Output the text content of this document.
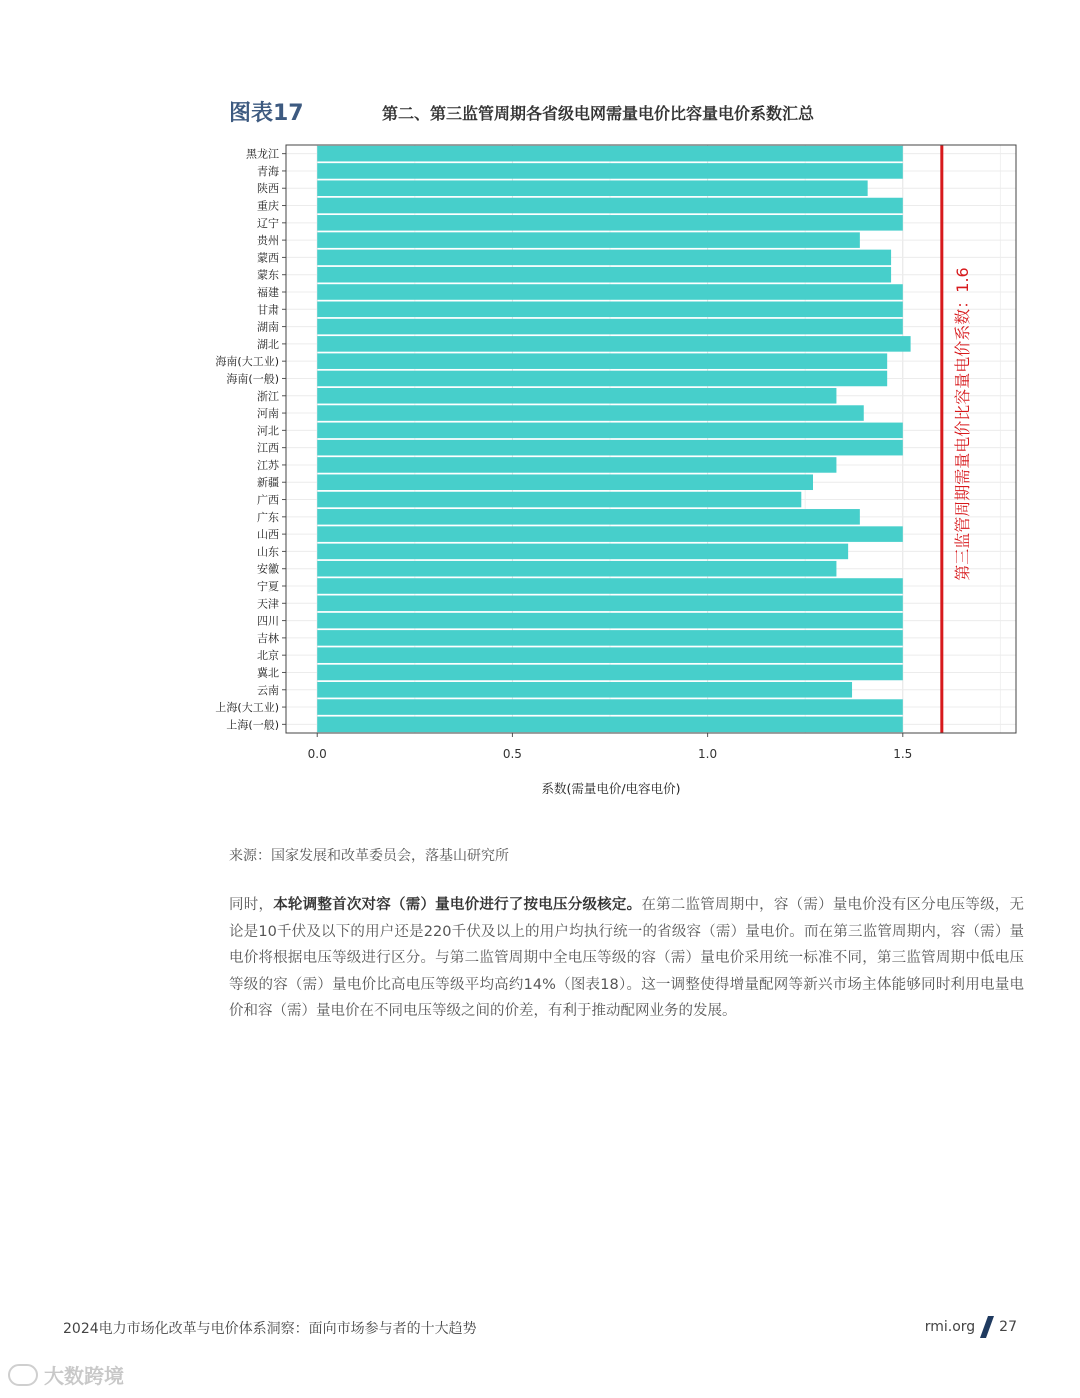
图表17	第二、第三监管周期各省级电网需量电价比容量电价系数汇总
0.0	0.5	1.0	1.5
黑龙江
青海
陕西
重庆
辽宁
贵州
蒙西
蒙东
福建
甘肃
湖南
湖北
海南(大工业)
海南(一般)
浙江
河南
河北
江西
江苏
新疆
广西
广东
山西
山东
安徽
宁夏
天津
四川
吉林
北京
冀北
云南
上海(大工业)
上海(一般)
第三监管周期需量电价比容量电价系数：1.6
系数(需量电价/电容电价)
来源：国家发展和改革委员会，落基山研究所
同时，本轮调整首次对容（需）量电价进行了按电压分级核定。在第二监管周期中，容（需）量电价没有区分电压等级，无论是10千伏及以下的用户还是220千伏及以上的用户均执行统一的省级容（需）量电价。而在第三监管周期内，容（需）量电价将根据电压等级进行区分。与第二监管周期中全电压等级的容（需）量电价采用统一标准不同，第三监管周期中低电压等级的容（需）量电价比高电压等级平均高约14%（图表18）。这一调整使得增量配网等新兴市场主体能够同时利用电量电价和容（需）量电价在不同电压等级之间的价差，有利于推动配网业务的发展。
2024电力市场化改革与电价体系洞察：面向市场参与者的十大趋势	rmi.org 27
大数跨境
